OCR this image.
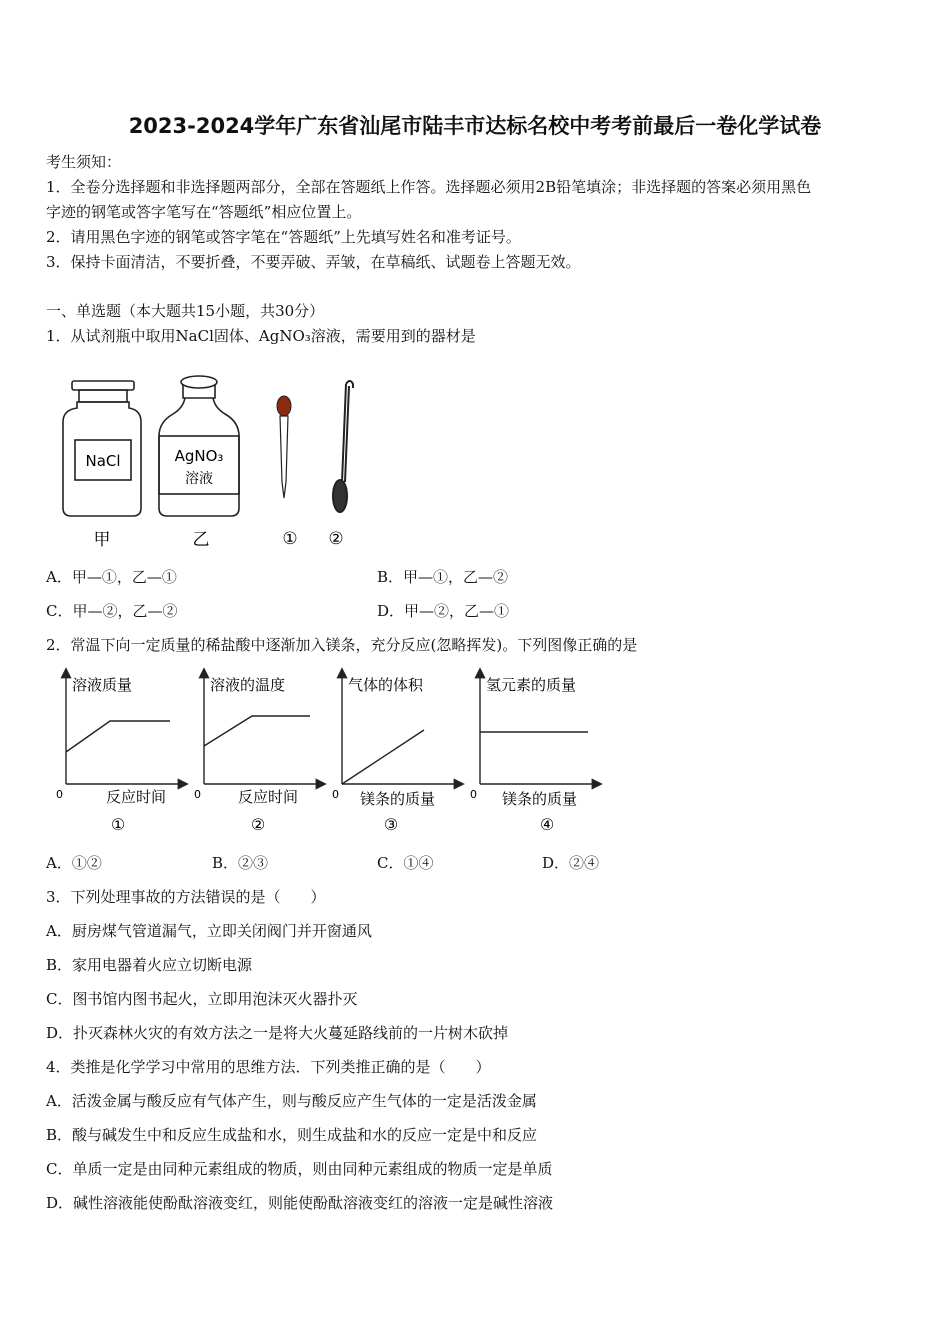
2023-2024学年广东省汕尾市陆丰市达标名校中考考前最后一卷化学试卷
考生须知：
1．全卷分选择题和非选择题两部分，全部在答题纸上作答。选择题必须用2B铅笔填涂；非选择题的答案必须用黑色
字迹的钢笔或答字笔写在“答题纸”相应位置上。
2．请用黑色字迹的钢笔或答字笔在“答题纸”上先填写姓名和准考证号。
3．保持卡面清洁，不要折叠，不要弄破、弄皱，在草稿纸、试题卷上答题无效。
一、单选题（本大题共15小题，共30分）
1．从试剂瓶中取用NaCl固体、AgNO₃溶液，需要用到的器材是
NaCl	AgNO₃
溶液
甲	乙	① ②
A．甲—①，乙—①	B．甲—①，乙—②
C．甲—②，乙—②	D．甲—②，乙—①
2．常温下向一定质量的稀盐酸中逐渐加入镁条，充分反应(忽略挥发)。下列图像正确的是
溶液质量
0	反应时间
①
溶液的温度
0 反应时间
②
气体的体积
0 镁条的质量
③
氢元素的质量
0 镁条的质量
④
A．①②	B．②③	C．①④	D．②④
3．下列处理事故的方法错误的是（　　）
A．厨房煤气管道漏气，立即关闭阀门并开窗通风
B．家用电器着火应立切断电源
C．图书馆内图书起火，立即用泡沫灭火器扑灭
D．扑灭森林火灾的有效方法之一是将大火蔓延路线前的一片树木砍掉
4．类推是化学学习中常用的思维方法．下列类推正确的是（　　）
A．活泼金属与酸反应有气体产生，则与酸反应产生气体的一定是活泼金属
B．酸与碱发生中和反应生成盐和水，则生成盐和水的反应一定是中和反应
C．单质一定是由同种元素组成的物质，则由同种元素组成的物质一定是单质
D．碱性溶液能使酚酞溶液变红，则能使酚酞溶液变红的溶液一定是碱性溶液
